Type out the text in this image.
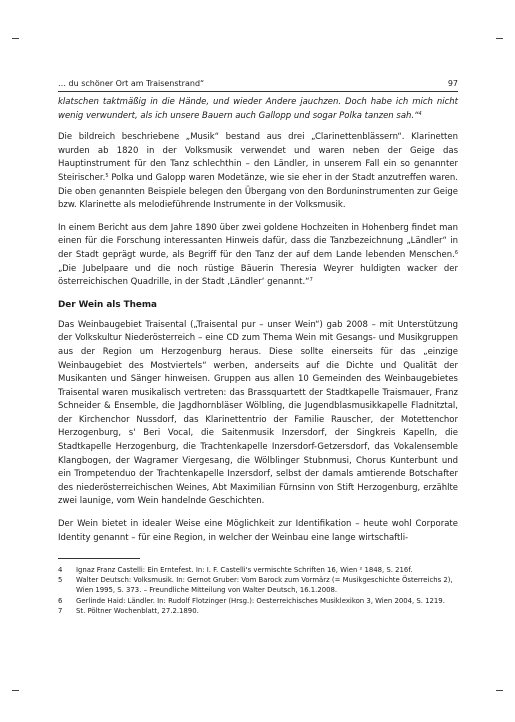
… du schöner Ort am Traisenstrand“	97

klatschen taktmäßig in die Hände, und wieder Andere jauchzen. Doch habe ich mich nicht wenig verwundert, als ich unsere Bauern auch Gallopp und sogar Polka tanzen sah.“$^4$

Die bildreich beschriebene „Musik“ bestand aus drei „Clarinettenblässern“. Klarinetten wurden ab 1820 in der Volksmusik verwendet und waren neben der Geige das Hauptinstrument für den Tanz schlechthin – den Ländler, in unserem Fall ein so genannter Steirischer.$^5$ Polka und Galopp waren Modetänze, wie sie eher in der Stadt anzutreffen waren. Die oben genannten Beispiele belegen den Übergang von den Borduninstrumenten zur Geige bzw. Klarinette als melodieführende Instrumente in der Volksmusik.

In einem Bericht aus dem Jahre 1890 über zwei goldene Hochzeiten in Hohenberg findet man einen für die Forschung interessanten Hinweis dafür, dass die Tanzbezeichnung „Ländler“ in der Stadt geprägt wurde, als Begriff für den Tanz der auf dem Lande lebenden Menschen.$^6$ „Die Jubelpaare und die noch rüstige Bäuerin Theresia Weyrer huldigten wacker der österreichischen Quadrille, in der Stadt ‚Ländler‘ genannt.“$^7$

Der Wein als Thema

Das Weinbaugebiet Traisental („Traisental pur – unser Wein“) gab 2008 – mit Unterstützung der Volkskultur Niederösterreich – eine CD zum Thema Wein mit Gesangs- und Musikgruppen aus der Region um Herzogenburg heraus. Diese sollte einerseits für das „einzige Weinbaugebiet des Mostviertels“ werben, anderseits auf die Dichte und Qualität der Musikanten und Sänger hinweisen. Gruppen aus allen 10 Gemeinden des Weinbaugebietes Traisental waren musikalisch vertreten: das Brassquartett der Stadtkapelle Traismauer, Franz Schneider & Ensemble, die Jagdhornbläser Wölbling, die Jugendblasmusikkapelle Fladnitztal, der Kirchenchor Nussdorf, das Klarinettentrio der Familie Rauscher, der Motettenchor Herzogenburg, s' Beri Vocal, die Saitenmusik Inzersdorf, der Singkreis Kapelln, die Stadtkapelle Herzogenburg, die Trachtenkapelle Inzersdorf-Getzersdorf, das Vokalensemble Klangbogen, der Wagramer Viergesang, die Wölblinger Stubnmusi, Chorus Kunterbunt und ein Trompetenduo der Trachtenkapelle Inzersdorf, selbst der damals amtierende Botschafter des niederösterreichischen Weines, Abt Maximilian Fürnsinn von Stift Herzogenburg, erzählte zwei launige, vom Wein handelnde Geschichten.

Der Wein bietet in idealer Weise eine Möglichkeit zur Identifikation – heute wohl Corporate Identity genannt – für eine Region, in welcher der Weinbau eine lange wirtschaftli-

4	Ignaz Franz Castelli: Ein Erntefest. In: I. F. Castelli's vermischte Schriften 16, Wien ² 1848, S. 216f.
5	Walter Deutsch: Volksmusik. In: Gernot Gruber: Vom Barock zum Vormärz (= Musikgeschichte Österreichs 2), Wien 1995, S. 373. – Freundliche Mitteilung von Walter Deutsch, 16.1.2008.
6	Gerlinde Haid: Ländler. In: Rudolf Flotzinger (Hrsg.): Oesterreichisches Musiklexikon 3, Wien 2004, S. 1219.
7	St. Pöltner Wochenblatt, 27.2.1890.
